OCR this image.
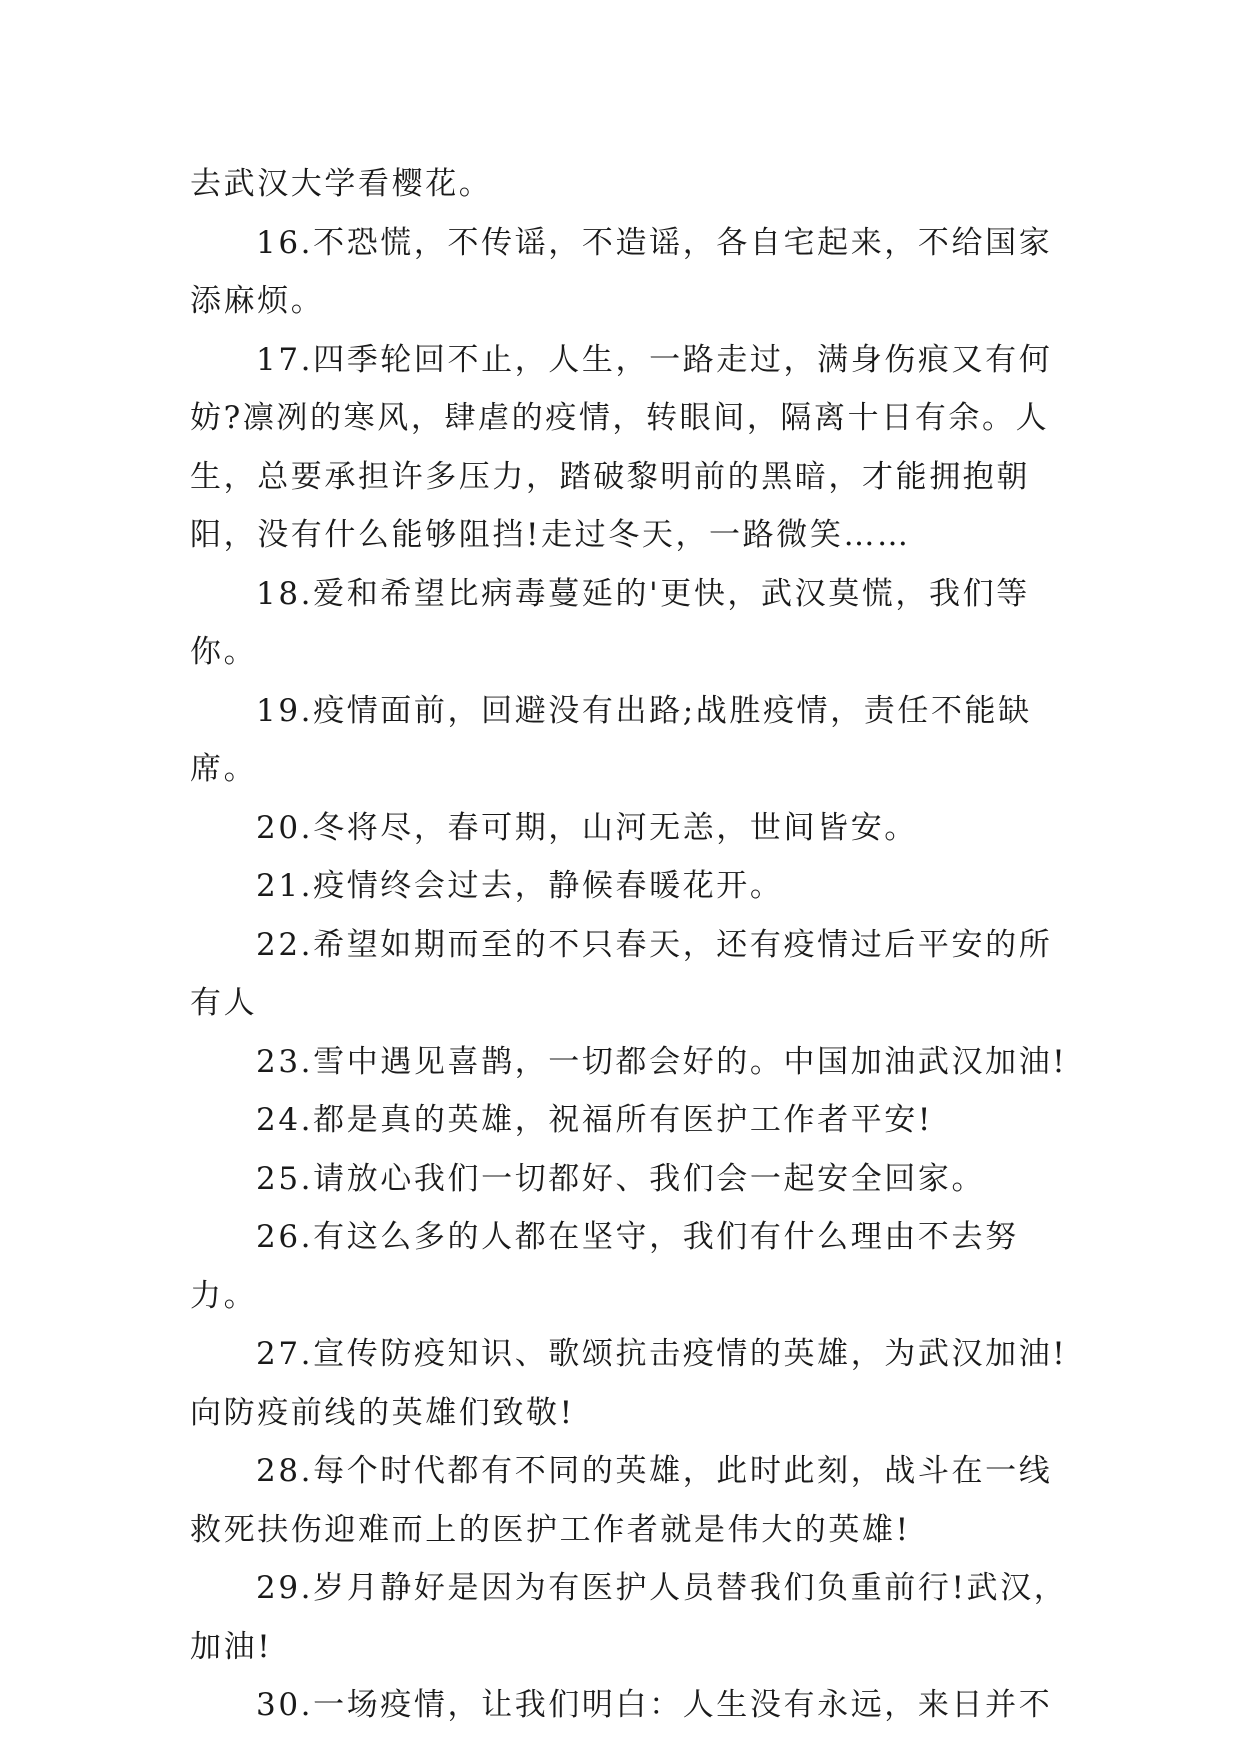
去武汉大学看樱花。

16.不恐慌，不传谣，不造谣，各自宅起来，不给国家添麻烦。

17.四季轮回不止，人生，一路走过，满身伤痕又有何妨?凛冽的寒风，肆虐的疫情，转眼间，隔离十日有余。人生，总要承担许多压力，踏破黎明前的黑暗，才能拥抱朝阳，没有什么能够阻挡!走过冬天，一路微笑……

18.爱和希望比病毒蔓延的'更快，武汉莫慌，我们等你。

19.疫情面前，回避没有出路;战胜疫情，责任不能缺席。

20.冬将尽，春可期，山河无恙，世间皆安。

21.疫情终会过去，静候春暖花开。

22.希望如期而至的不只春天，还有疫情过后平安的所有人

23.雪中遇见喜鹊，一切都会好的。中国加油武汉加油!

24.都是真的英雄，祝福所有医护工作者平安!

25.请放心我们一切都好、我们会一起安全回家。

26.有这么多的人都在坚守，我们有什么理由不去努力。

27.宣传防疫知识、歌颂抗击疫情的英雄，为武汉加油!向防疫前线的英雄们致敬!

28.每个时代都有不同的英雄，此时此刻，战斗在一线救死扶伤迎难而上的医护工作者就是伟大的英雄!

29.岁月静好是因为有医护人员替我们负重前行!武汉，加油!

30.一场疫情，让我们明白：人生没有永远，来日并不
